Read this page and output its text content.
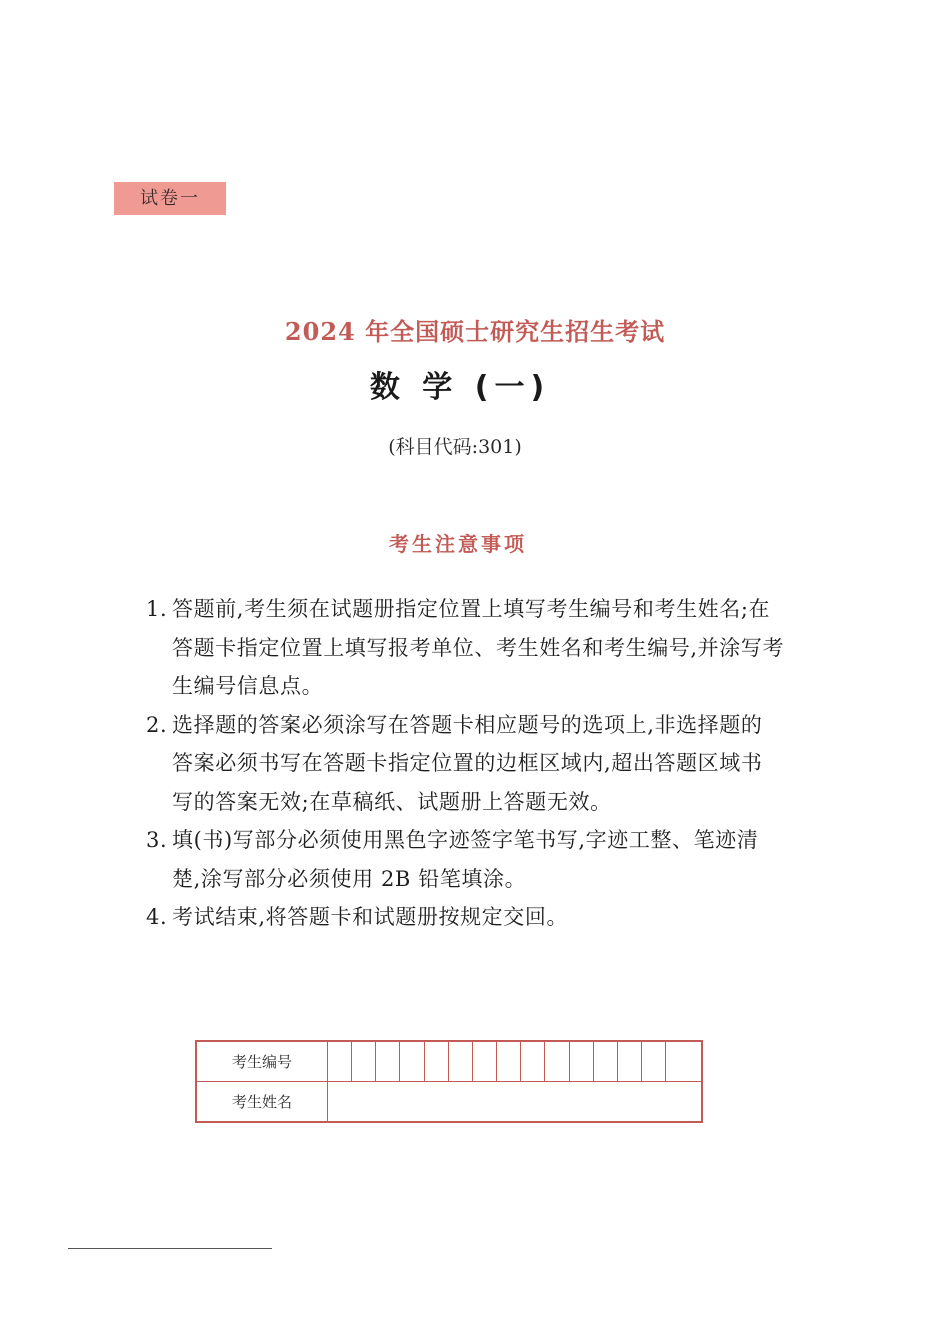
试卷一
2024 年全国硕士研究生招生考试
数 学 (一)
(科目代码:301)
考生注意事项
1. 答题前,考生须在试题册指定位置上填写考生编号和考生姓名;在
答题卡指定位置上填写报考单位、考生姓名和考生编号,并涂写考
生编号信息点。
2. 选择题的答案必须涂写在答题卡相应题号的选项上,非选择题的
答案必须书写在答题卡指定位置的边框区域内,超出答题区域书
写的答案无效;在草稿纸、试题册上答题无效。
3. 填(书)写部分必须使用黑色字迹签字笔书写,字迹工整、笔迹清
楚,涂写部分必须使用 2B 铅笔填涂。
4. 考试结束,将答题卡和试题册按规定交回。
考生编号															
考生姓名															
